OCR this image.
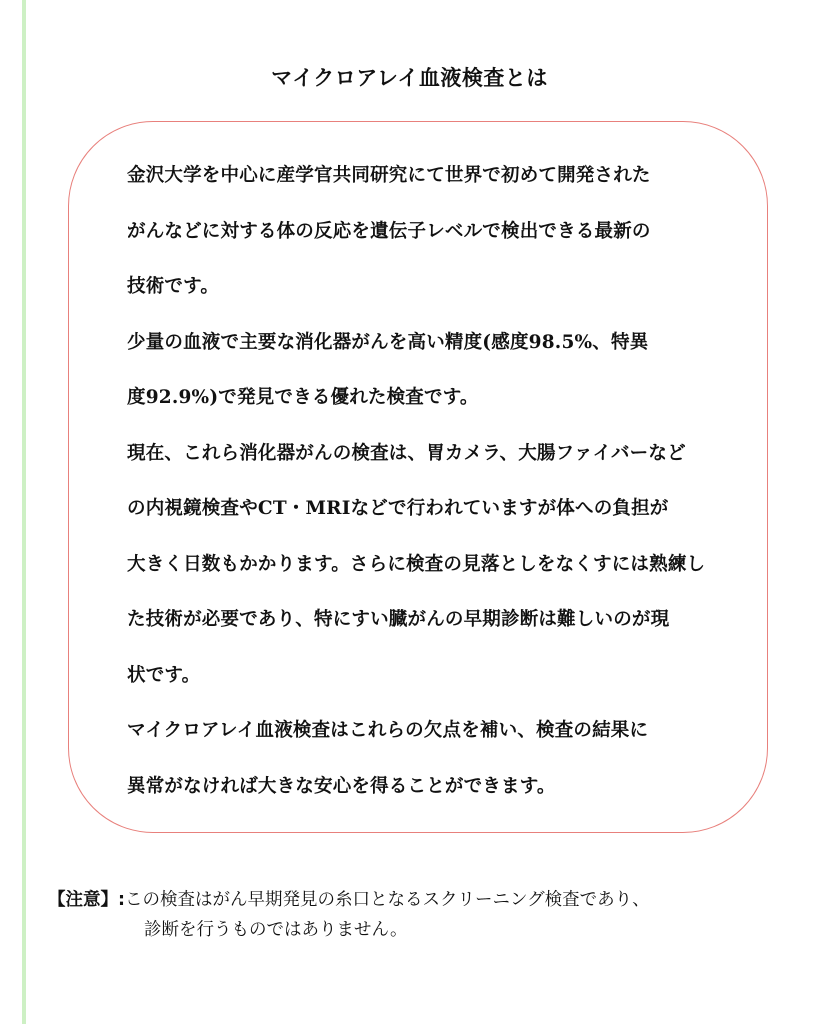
マイクロアレイ血液検査とは
金沢大学を中心に産学官共同研究にて世界で初めて開発された
がんなどに対する体の反応を遺伝子レベルで検出できる最新の
技術です。
少量の血液で主要な消化器がんを高い精度(感度98.5%、特異
度92.9%)で発見できる優れた検査です。
現在、これら消化器がんの検査は、胃カメラ、大腸ファイバーなど
の内視鏡検査やCT・MRIなどで行われていますが体への負担が
大きく日数もかかります。さらに検査の見落としをなくすには熟練し
た技術が必要であり、特にすい臓がんの早期診断は難しいのが現
状です。
マイクロアレイ血液検査はこれらの欠点を補い、検査の結果に
異常がなければ大きな安心を得ることができます。
【注意】:この検査はがん早期発見の糸口となるスクリーニング検査であり、
診断を行うものではありません。
